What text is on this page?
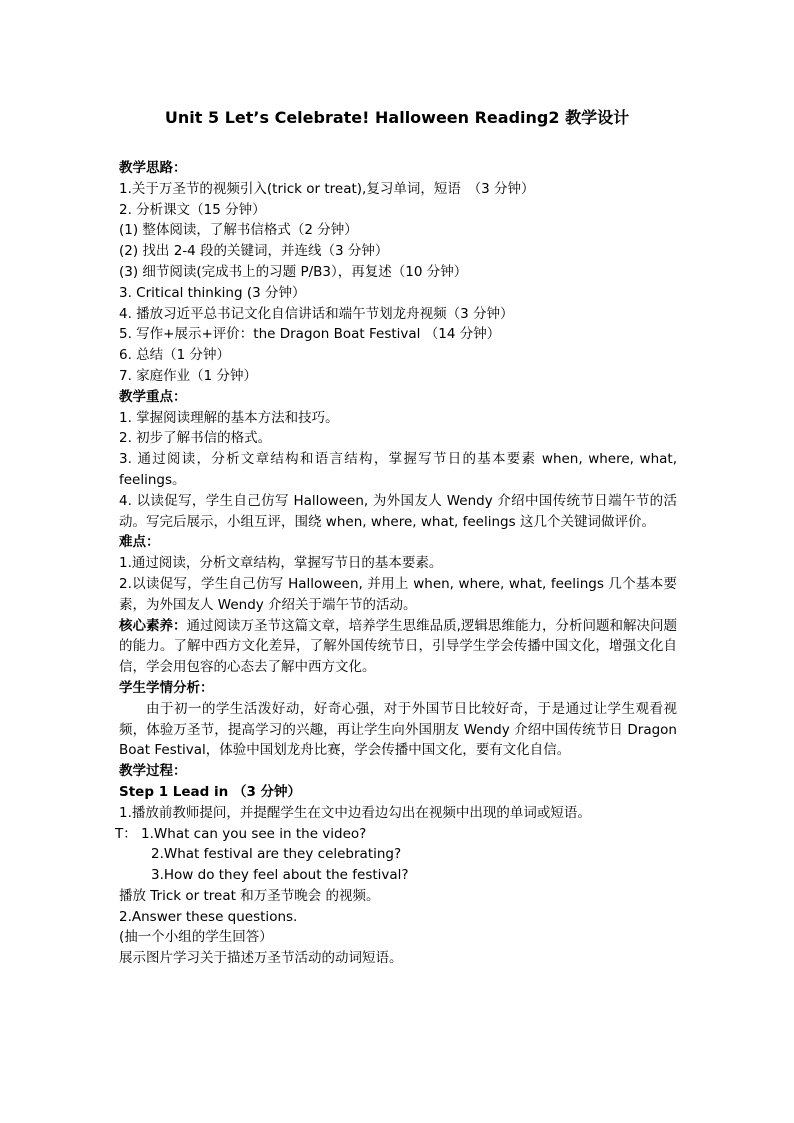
Unit 5 Let’s Celebrate! Halloween Reading2 教学设计

教学思路：

1.关于万圣节的视频引入(trick or treat),复习单词，短语　（3 分钟）

2. 分析课文（15 分钟）

(1) 整体阅读，了解书信格式（2 分钟）

(2) 找出 2-4 段的关键词，并连线（3 分钟）

(3) 细节阅读(完成书上的习题 P/B3），再复述（10 分钟）

3. Critical thinking (3 分钟）

4. 播放习近平总书记文化自信讲话和端午节划龙舟视频（3 分钟）

5. 写作+展示+评价：the Dragon Boat Festival （14 分钟）

6. 总结（1 分钟）

7. 家庭作业（1 分钟）

教学重点：

1. 掌握阅读理解的基本方法和技巧。

2. 初步了解书信的格式。

3. 通过阅读，分析文章结构和语言结构，掌握写节日的基本要素 when, where, what, feelings。

4. 以读促写，学生自己仿写 Halloween, 为外国友人 Wendy 介绍中国传统节日端午节的活动。写完后展示，小组互评，围绕 when, where, what, feelings 这几个关键词做评价。

难点：

1.通过阅读，分析文章结构，掌握写节日的基本要素。

2.以读促写，学生自己仿写 Halloween, 并用上 when, where, what, feelings 几个基本要素，为外国友人 Wendy 介绍关于端午节的活动。

核心素养：通过阅读万圣节这篇文章，培养学生思维品质,逻辑思维能力，分析问题和解决问题的能力。了解中西方文化差异，了解外国传统节日，引导学生学会传播中国文化，增强文化自信，学会用包容的心态去了解中西方文化。

学生学情分析：

由于初一的学生活泼好动，好奇心强，对于外国节日比较好奇，于是通过让学生观看视频，体验万圣节，提高学习的兴趣，再让学生向外国朋友 Wendy 介绍中国传统节日 Dragon Boat Festival，体验中国划龙舟比赛，学会传播中国文化，要有文化自信。

教学过程：

Step 1 Lead in （3 分钟）

1.播放前教师提问，并提醒学生在文中边看边勾出在视频中出现的单词或短语。

T： 1.What can you see in the video?

2.What festival are they celebrating?

3.How do they feel about the festival?

播放 Trick or treat 和万圣节晚会 的视频。

2.Answer these questions.

(抽一个小组的学生回答）

展示图片学习关于描述万圣节活动的动词短语。
